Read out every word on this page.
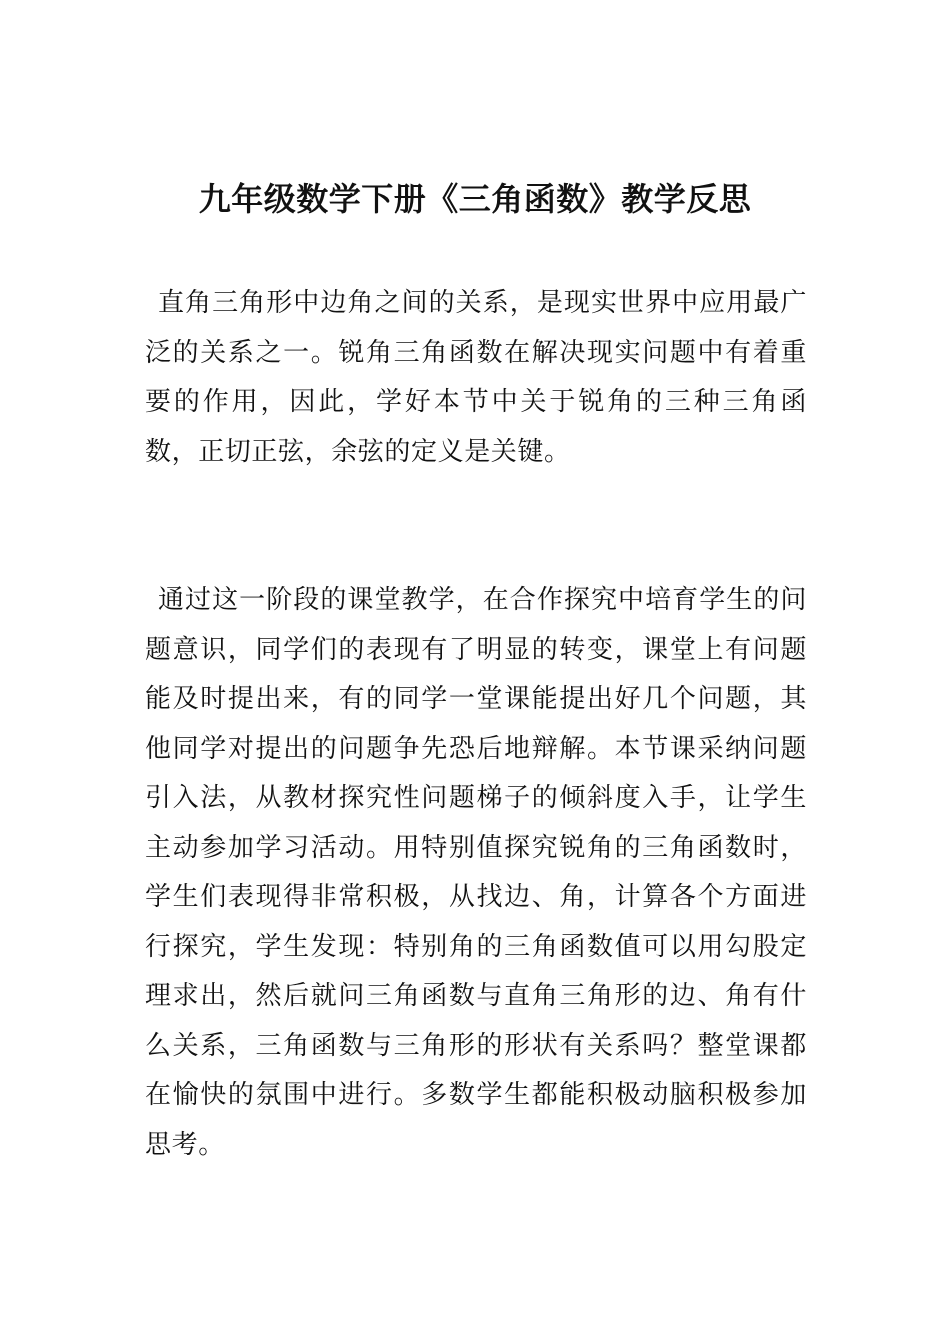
九年级数学下册《三角函数》教学反思

直角三角形中边角之间的关系，是现实世界中应用最广泛的关系之一。锐角三角函数在解决现实问题中有着重要的作用，因此，学好本节中关于锐角的三种三角函数，正切正弦，余弦的定义是关键。

通过这一阶段的课堂教学，在合作探究中培育学生的问题意识，同学们的表现有了明显的转变，课堂上有问题能及时提出来，有的同学一堂课能提出好几个问题，其他同学对提出的问题争先恐后地辩解。本节课采纳问题引入法，从教材探究性问题梯子的倾斜度入手，让学生主动参加学习活动。用特别值探究锐角的三角函数时，学生们表现得非常积极，从找边、角，计算各个方面进行探究，学生发现：特别角的三角函数值可以用勾股定理求出，然后就问三角函数与直角三角形的边、角有什么关系，三角函数与三角形的形状有关系吗？整堂课都在愉快的氛围中进行。多数学生都能积极动脑积极参加思考。
